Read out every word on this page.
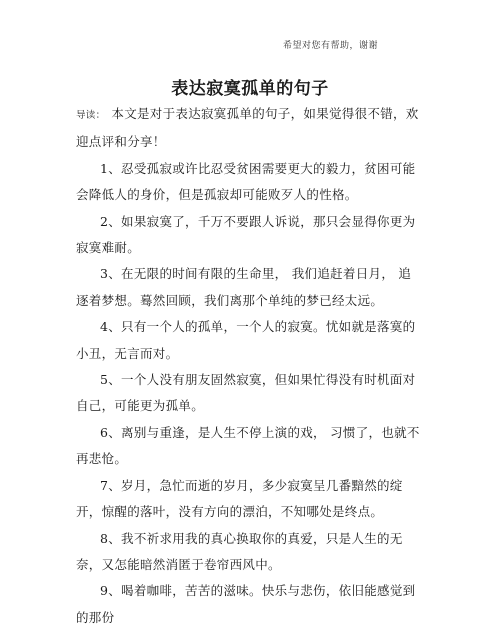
希望对您有帮助，谢谢
表达寂寞孤单的句子

导读： 本文是对于表达寂寞孤单的句子，如果觉得很不错，欢迎点评和分享！

1、忍受孤寂或许比忍受贫困需要更大的毅力，贫困可能会降低人的身价，但是孤寂却可能败歹人的性格。

2、如果寂寞了，千万不要跟人诉说，那只会显得你更为寂寞难耐。

3、在无限的时间有限的生命里， 我们追赶着日月， 追逐着梦想。蓦然回顾，我们离那个单纯的梦已经太远。

4、只有一个人的孤单，一个人的寂寞。忧如就是落寞的小丑，无言而对。

5、一个人没有朋友固然寂寞，但如果忙得没有时机面对自己，可能更为孤单。

6、离别与重逢，是人生不停上演的戏， 习惯了，也就不再悲怆。

7、岁月，急忙而逝的岁月，多少寂寞呈几番黯然的绽开，惊醒的落叶，没有方向的漂泊，不知哪处是终点。

8、我不祈求用我的真心换取你的真爱，只是人生的无奈，又怎能暗然消匿于卷帘西风中。

9、喝着咖啡，苦苦的滋味。快乐与悲伤，依旧能感觉到的那份
